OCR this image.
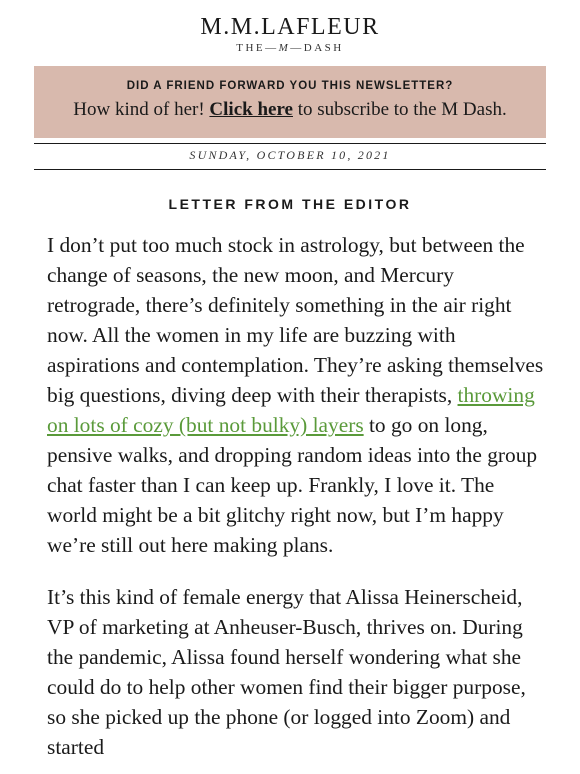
M.M.LAFLEUR
THE—M—DASH
DID A FRIEND FORWARD YOU THIS NEWSLETTER?
How kind of her! Click here to subscribe to the M Dash.
SUNDAY, OCTOBER 10, 2021
LETTER FROM THE EDITOR

I don’t put too much stock in astrology, but between the change of seasons, the new moon, and Mercury retrograde, there’s definitely something in the air right now. All the women in my life are buzzing with aspirations and contemplation. They’re asking themselves big questions, diving deep with their therapists, throwing on lots of cozy (but not bulky) layers to go on long, pensive walks, and dropping random ideas into the group chat faster than I can keep up. Frankly, I love it. The world might be a bit glitchy right now, but I’m happy we’re still out here making plans.

It’s this kind of female energy that Alissa Heinerscheid, VP of marketing at Anheuser-Busch, thrives on. During the pandemic, Alissa found herself wondering what she could do to help other women find their bigger purpose, so she picked up the phone (or logged into Zoom) and started
